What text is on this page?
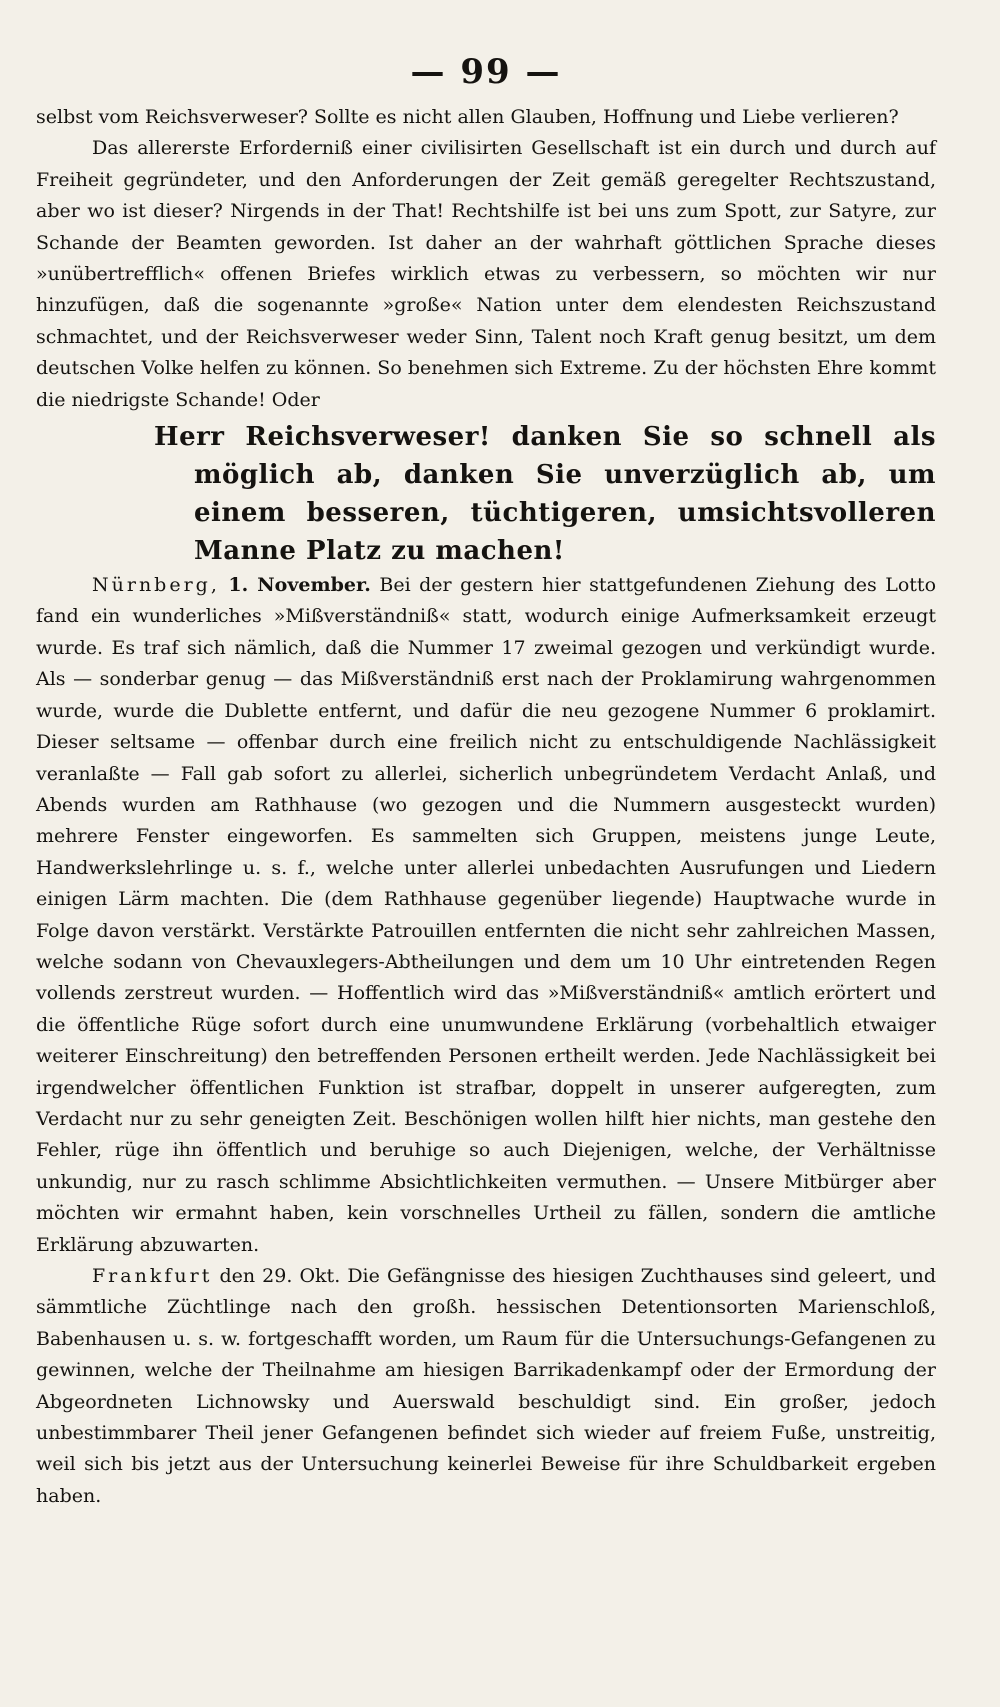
— 99 —

selbst vom Reichsverweser? Sollte es nicht allen Glauben, Hoffnung und Liebe verlieren?

Das allererste Erforderniß einer civilisirten Gesellschaft ist ein durch und durch auf Freiheit gegründeter, und den Anforderungen der Zeit gemäß geregelter Rechtszustand, aber wo ist dieser? Nirgends in der That! Rechtshilfe ist bei uns zum Spott, zur Satyre, zur Schande der Beamten geworden. Ist daher an der wahrhaft göttlichen Sprache dieses »unübertrefflich« offenen Briefes wirklich etwas zu verbessern, so möchten wir nur hinzufügen, daß die sogenannte »große« Nation unter dem elendesten Reichszustand schmachtet, und der Reichsverweser weder Sinn, Talent noch Kraft genug besitzt, um dem deutschen Volke helfen zu können. So benehmen sich Extreme. Zu der höchsten Ehre kommt die niedrigste Schande! Oder

Herr Reichsverweser! danken Sie so schnell als möglich ab, danken Sie unverzüglich ab, um einem besseren, tüchtigeren, umsichtsvolleren Manne Platz zu machen!

Nürnberg, 1. November. Bei der gestern hier stattgefundenen Ziehung des Lotto fand ein wunderliches »Mißverständniß« statt, wodurch einige Aufmerksamkeit erzeugt wurde. Es traf sich nämlich, daß die Nummer 17 zweimal gezogen und verkündigt wurde. Als — sonderbar genug — das Mißverständniß erst nach der Proklamirung wahrgenommen wurde, wurde die Dublette entfernt, und dafür die neu gezogene Nummer 6 proklamirt. Dieser seltsame — offenbar durch eine freilich nicht zu entschuldigende Nachlässigkeit veranlaßte — Fall gab sofort zu allerlei, sicherlich unbegründetem Verdacht Anlaß, und Abends wurden am Rathhause (wo gezogen und die Nummern ausgesteckt wurden) mehrere Fenster eingeworfen. Es sammelten sich Gruppen, meistens junge Leute, Handwerkslehrlinge u. s. f., welche unter allerlei unbedachten Ausrufungen und Liedern einigen Lärm machten. Die (dem Rathhause gegenüber liegende) Hauptwache wurde in Folge davon verstärkt. Verstärkte Patrouillen entfernten die nicht sehr zahlreichen Massen, welche sodann von Chevauxlegers-Abtheilungen und dem um 10 Uhr eintretenden Regen vollends zerstreut wurden. — Hoffentlich wird das »Mißverständniß« amtlich erörtert und die öffentliche Rüge sofort durch eine unumwundene Erklärung (vorbehaltlich etwaiger weiterer Einschreitung) den betreffenden Personen ertheilt werden. Jede Nachlässigkeit bei irgendwelcher öffentlichen Funktion ist strafbar, doppelt in unserer aufgeregten, zum Verdacht nur zu sehr geneigten Zeit. Beschönigen wollen hilft hier nichts, man gestehe den Fehler, rüge ihn öffentlich und beruhige so auch Diejenigen, welche, der Verhältnisse unkundig, nur zu rasch schlimme Absichtlichkeiten vermuthen. — Unsere Mitbürger aber möchten wir ermahnt haben, kein vorschnelles Urtheil zu fällen, sondern die amtliche Erklärung abzuwarten.

Frankfurt den 29. Okt. Die Gefängnisse des hiesigen Zuchthauses sind geleert, und sämmtliche Züchtlinge nach den großh. hessischen Detentionsorten Marienschloß, Babenhausen u. s. w. fortgeschafft worden, um Raum für die Untersuchungs-Gefangenen zu gewinnen, welche der Theilnahme am hiesigen Barrikadenkampf oder der Ermordung der Abgeordneten Lichnowsky und Auerswald beschuldigt sind. Ein großer, jedoch unbestimmbarer Theil jener Gefangenen befindet sich wieder auf freiem Fuße, unstreitig, weil sich bis jetzt aus der Untersuchung keinerlei Beweise für ihre Schuldbarkeit ergeben haben.
